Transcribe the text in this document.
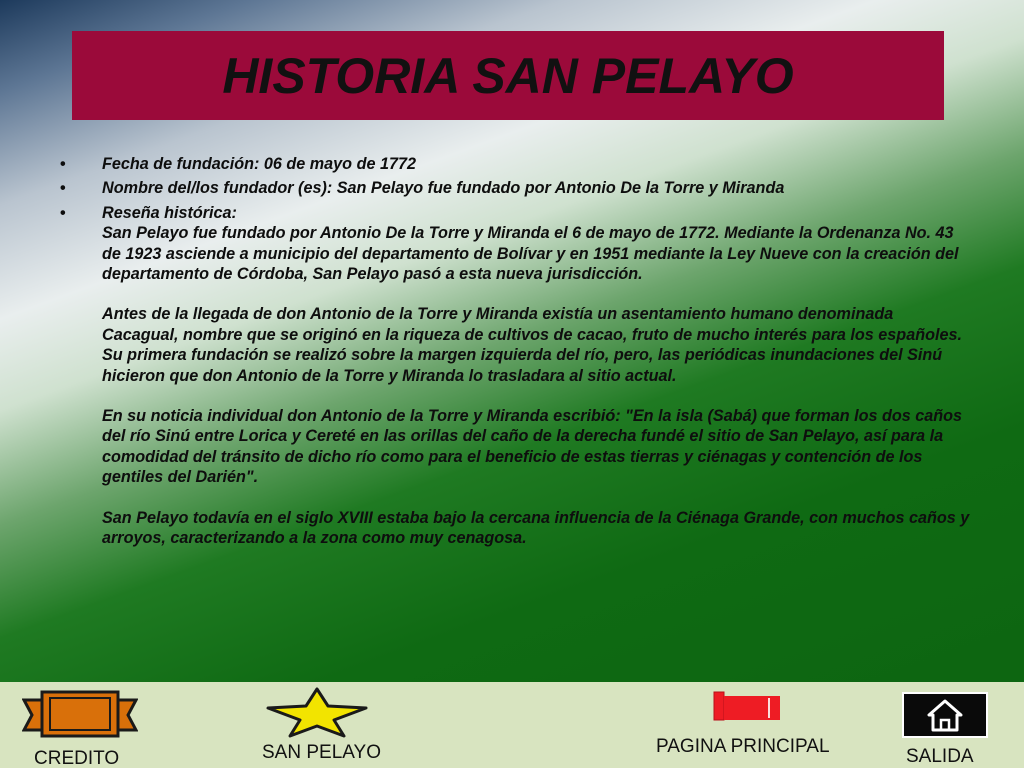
HISTORIA SAN PELAYO
• Fecha de fundación: 06 de mayo de 1772
• Nombre del/los fundador (es): San Pelayo fue fundado por Antonio De la Torre y Miranda
• Reseña histórica:
San Pelayo fue fundado por Antonio De la Torre y Miranda el 6 de mayo de 1772. Mediante la Ordenanza No. 43 de 1923 asciende a municipio del departamento de Bolívar y en 1951 mediante la Ley Nueve con la creación del departamento de Córdoba, San Pelayo pasó a esta nueva jurisdicción.
Antes de la llegada de don Antonio de la Torre y Miranda existía un asentamiento humano denominada Cacagual, nombre que se originó en la riqueza de cultivos de cacao, fruto de mucho interés para los españoles. Su primera fundación se realizó sobre la margen izquierda del río, pero, las periódicas inundaciones del Sinú hicieron que don Antonio de la Torre y Miranda lo trasladara al sitio actual.
En su noticia individual don Antonio de la Torre y Miranda escribió: "En la isla (Sabá) que forman los dos caños del río Sinú entre Lorica y Cereté en las orillas del caño de la derecha fundé el sitio de San Pelayo, así para la comodidad del tránsito de dicho río como para el beneficio de estas tierras y ciénagas y contención de los gentiles del Darién".
San Pelayo todavía en el siglo XVIII estaba bajo la cercana influencia de la Ciénaga Grande, con muchos caños y arroyos, caracterizando a la zona como muy cenagosa.
CREDITO	SAN PELAYO	PAGINA PRINCIPAL	SALIDA
